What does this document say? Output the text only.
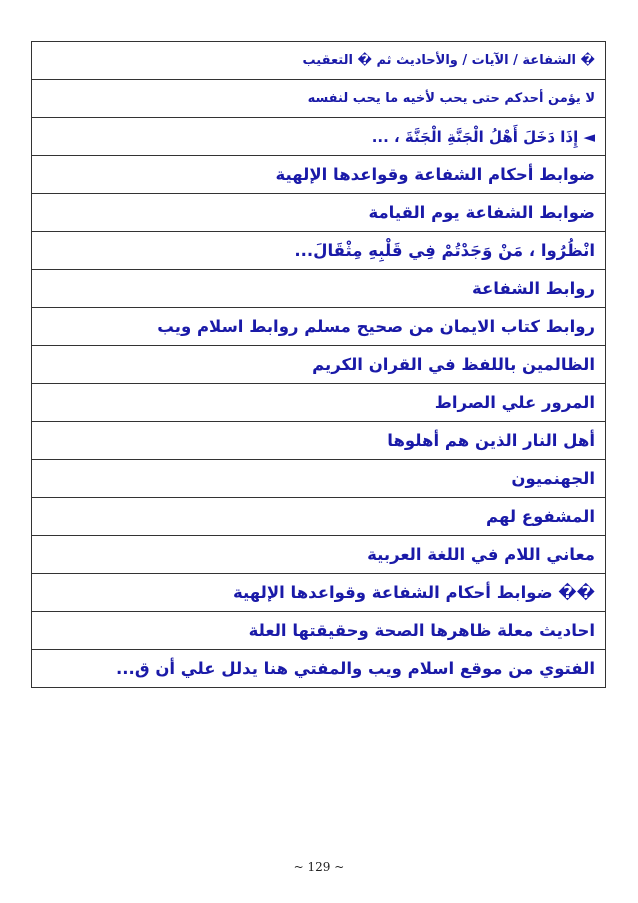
� الشفاعة / الآيات / والأحاديث ثم � التعقيب
لا يؤمن أحدكم حتى يحب لأخيه ما يحب لنفسه
◄ إِذَا دَخَلَ أَهْلُ الْجَنَّةِ الْجَنَّةَ ، ...
ضوابط أحكام الشفاعة وقواعدها الإلهية
ضوابط الشفاعة يوم القيامة
انْظُرُوا ، مَنْ وَجَدْتُمْ فِي قَلْبِهِ مِثْقَالَ...
روابط الشفاعة
روابط كتاب الايمان من صحيح مسلم روابط اسلام ويب
الظالمين باللفظ في القران الكريم
المرور علي الصراط
أهل النار الذين هم أهلوها
الجهنميون
المشفوع لهم
معاني اللام في اللغة العربية
�� ضوابط أحكام الشفاعة وقواعدها الإلهية
احاديث معلة ظاهرها الصحة وحقيقتها العلة
الفتوي من موقع اسلام ويب والمفتي هنا يدلل علي أن ق...
~ 129 ~
